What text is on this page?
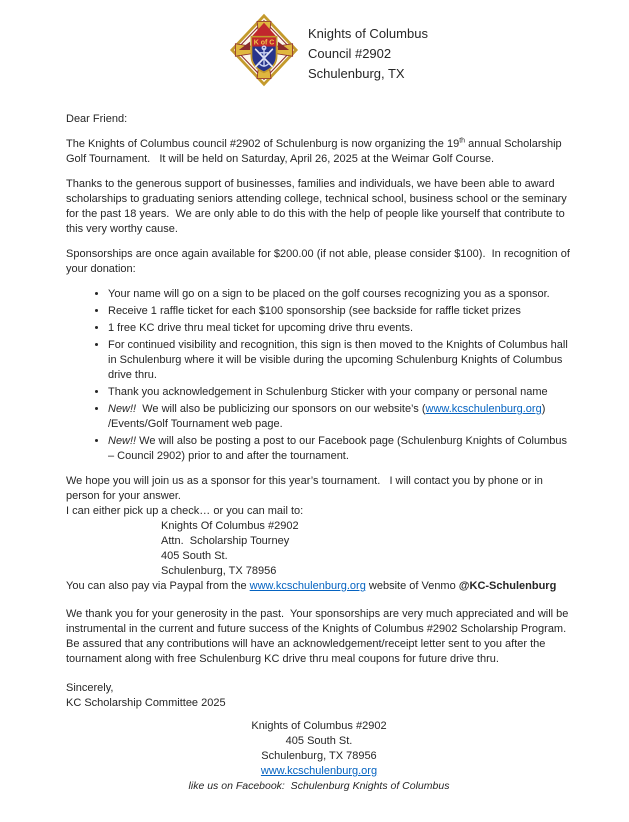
K of C
Knights of Columbus
Council #2902
Schulenburg, TX
Dear Friend:
The Knights of Columbus council #2902 of Schulenburg is now organizing the 19th annual Scholarship Golf Tournament.   It will be held on Saturday, April 26, 2025 at the Weimar Golf Course.
Thanks to the generous support of businesses, families and individuals, we have been able to award scholarships to graduating seniors attending college, technical school, business school or the seminary for the past 18 years.  We are only able to do this with the help of people like yourself that contribute to this very worthy cause.
Sponsorships are once again available for $200.00 (if not able, please consider $100).  In recognition of your donation:
• Your name will go on a sign to be placed on the golf courses recognizing you as a sponsor.
• Receive 1 raffle ticket for each $100 sponsorship (see backside for raffle ticket prizes
• 1 free KC drive thru meal ticket for upcoming drive thru events.
• For continued visibility and recognition, this sign is then moved to the Knights of Columbus hall in Schulenburg where it will be visible during the upcoming Schulenburg Knights of Columbus drive thru.
• Thank you acknowledgement in Schulenburg Sticker with your company or personal name
• New!!  We will also be publicizing our sponsors on our website’s (www.kcschulenburg.org) /Events/Golf Tournament web page.
• New!! We will also be posting a post to our Facebook page (Schulenburg Knights of Columbus – Council 2902) prior to and after the tournament.
We hope you will join us as a sponsor for this year’s tournament.   I will contact you by phone or in person for your answer.
I can either pick up a check… or you can mail to:
Knights Of Columbus #2902
Attn.  Scholarship Tourney
405 South St.
Schulenburg, TX 78956
You can also pay via Paypal from the www.kcschulenburg.org website of Venmo @KC-Schulenburg
We thank you for your generosity in the past.  Your sponsorships are very much appreciated and will be instrumental in the current and future success of the Knights of Columbus #2902 Scholarship Program. Be assured that any contributions will have an acknowledgement/receipt letter sent to you after the tournament along with free Schulenburg KC drive thru meal coupons for future drive thru.
Sincerely,
KC Scholarship Committee 2025
Knights of Columbus #2902
405 South St.
Schulenburg, TX 78956
www.kcschulenburg.org
like us on Facebook:  Schulenburg Knights of Columbus
